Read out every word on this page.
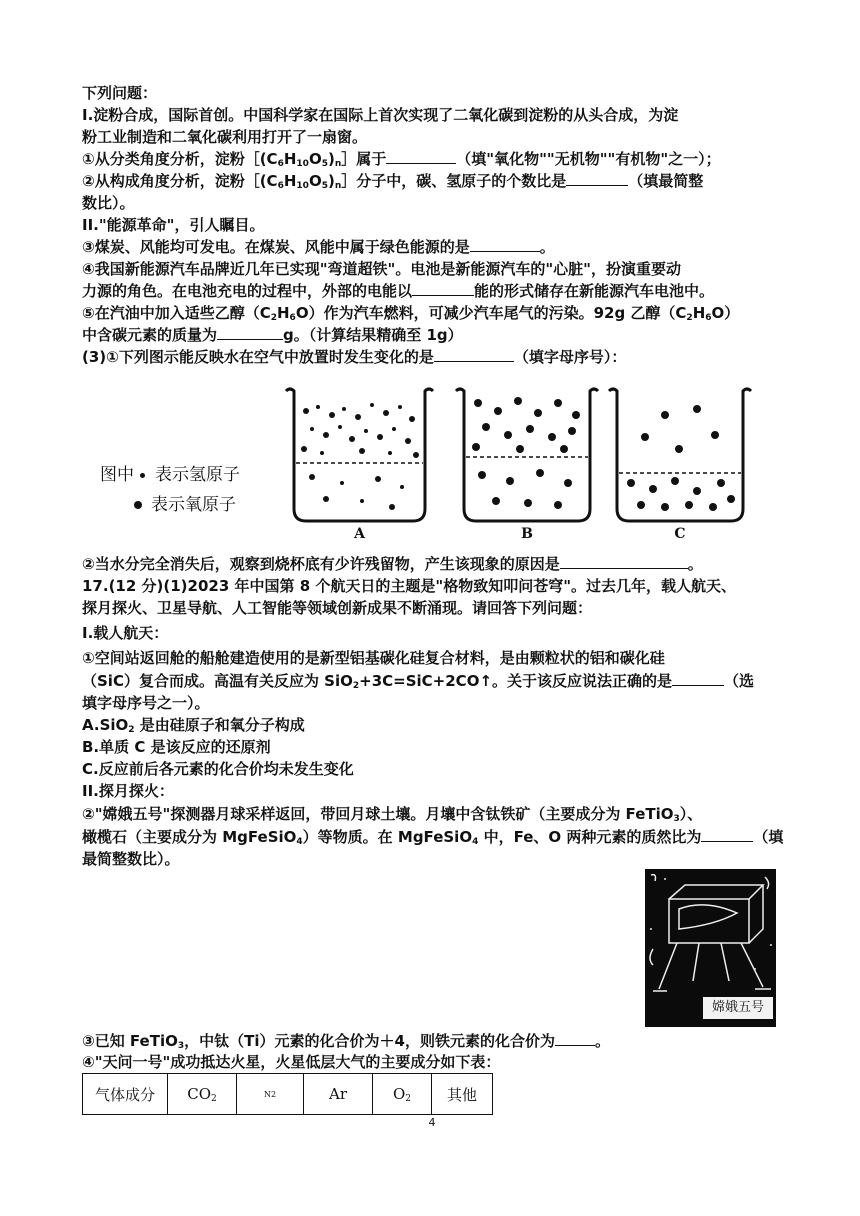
下列问题：
Ⅰ.淀粉合成，国际首创。中国科学家在国际上首次实现了二氧化碳到淀粉的从头合成，为淀
粉工业制造和二氧化碳利用打开了一扇窗。
①从分类角度分析，淀粉$[(C_6H_{10}O_5)_n]$属于	（填"氧化物""无机物""有机物"之一）；
②从构成角度分析，淀粉$[(C_6H_{10}O_5)_n]$分子中，碳、氢原子的个数比是	（填最简整
数比）。
II."能源革命"，引人瞩目。
③煤炭、风能均可发电。在煤炭、风能中属于绿色能源的是	。
④我国新能源汽车品牌近几年已实现"弯道超铁"。电池是新能源汽车的"心脏"，扮演重要动
力源的角色。在电池充电的过程中，外部的电能以	能的形式储存在新能源汽车电池中。
⑤在汽油中加入适些乙醇$(C_2H_6O)$作为汽车燃料，可减少汽车尾气的污染。92g 乙醇$(C_2H_6O)$
中含碳元素的质量为	g。（计算结果精确至 1g）
(3)①下列图示能反映水在空气中放置时发生变化的是	（填字母序号）：
图中 表示氢原子
表示氧原子
A	B	C
②当水分完全消失后，观察到烧杯底有少许残留物，产生该现象的原因是	。
17.(12 分)(1)2023 年中国第 8 个航天日的主题是"格物致知叩问苍穹"。过去几年，载人航天、
探月探火、卫星导航、人工智能等领域创新成果不断涌现。请回答下列问题：
I.载人航天：
①空间站返回舱的船舱建造使用的是新型铝基碳化硅复合材料，是由颗粒状的铝和碳化硅
（SiC）复合而成。高温有关反应为 SiO$_2$+3C=SiC+2CO↑。关于该反应说法正确的是	（选
填字母序号之一）。
A.SiO$_2$ 是由硅原子和氧分子构成
B.单质 C 是该反应的还原剂
C.反应前后各元素的化合价均未发生变化
II.探月探火：
②"嫦娥五号"探测器月球采样返回，带回月球土壤。月壤中含钛铁矿（主要成分为 FeTiO$_3$）、
橄榄石（主要成分为 MgFeSiO$_4$）等物质。在 MgFeSiO$_4$ 中，Fe、O 两种元素的质然比为	（填
最简整数比）。
嫦娥五号
③已知 FeTiO$_3$，中钛（Ti）元素的化合价为＋4，则铁元素的化合价为	。
④"天问一号"成功抵达火星，火星低层大气的主要成分如下表：
气体成分	$CO_2$	N2	Ar	$O_2$	其他
4
